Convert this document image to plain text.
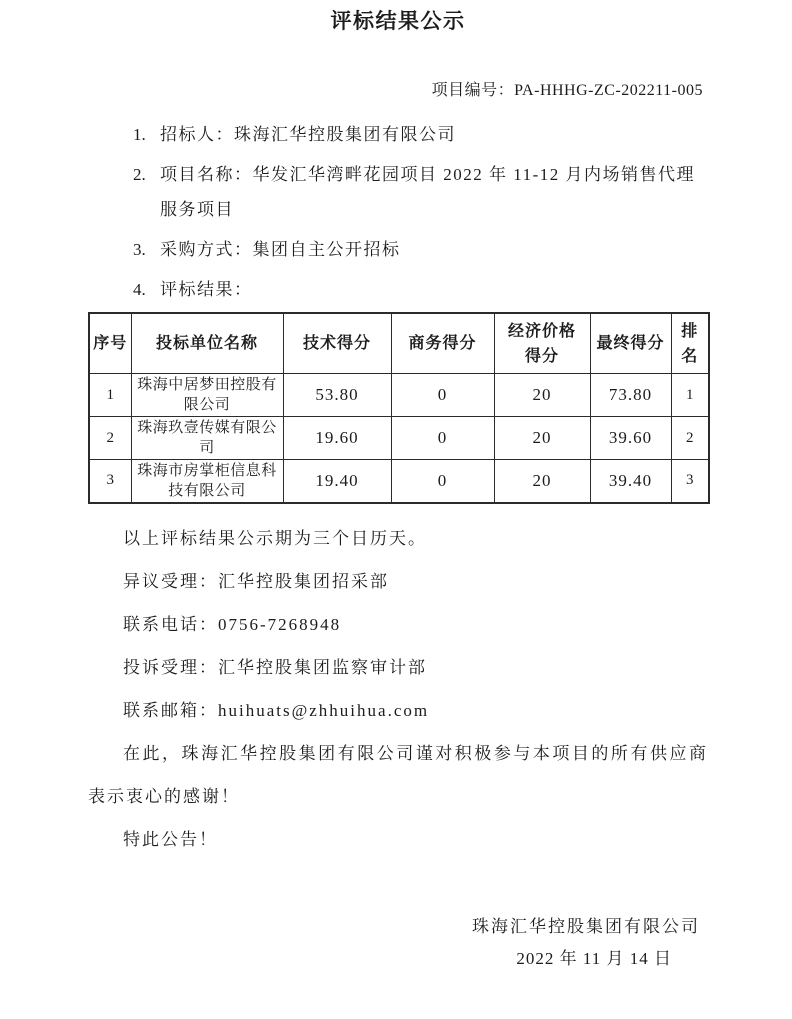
评标结果公示
项目编号：PA-HHHG-ZC-202211-005
1. 招标人：珠海汇华控股集团有限公司
2. 项目名称：华发汇华湾畔花园项目 2022 年 11-12 月内场销售代理服务项目
3. 采购方式：集团自主公开招标
4. 评标结果：
序号	投标单位名称	技术得分	商务得分	经济价格得分	最终得分	排名
1	珠海中居梦田控股有限公司	53.80	0	20	73.80	1
2	珠海玖壹传媒有限公司	19.60	0	20	39.60	2
3	珠海市房掌柜信息科技有限公司	19.40	0	20	39.40	3

以上评标结果公示期为三个日历天。

异议受理：汇华控股集团招采部

联系电话：0756-7268948

投诉受理：汇华控股集团监察审计部

联系邮箱：huihuats@zhhuihua.com

在此，珠海汇华控股集团有限公司谨对积极参与本项目的所有供应商表示衷心的感谢！

特此公告！

珠海汇华控股集团有限公司
2022 年 11 月 14 日
